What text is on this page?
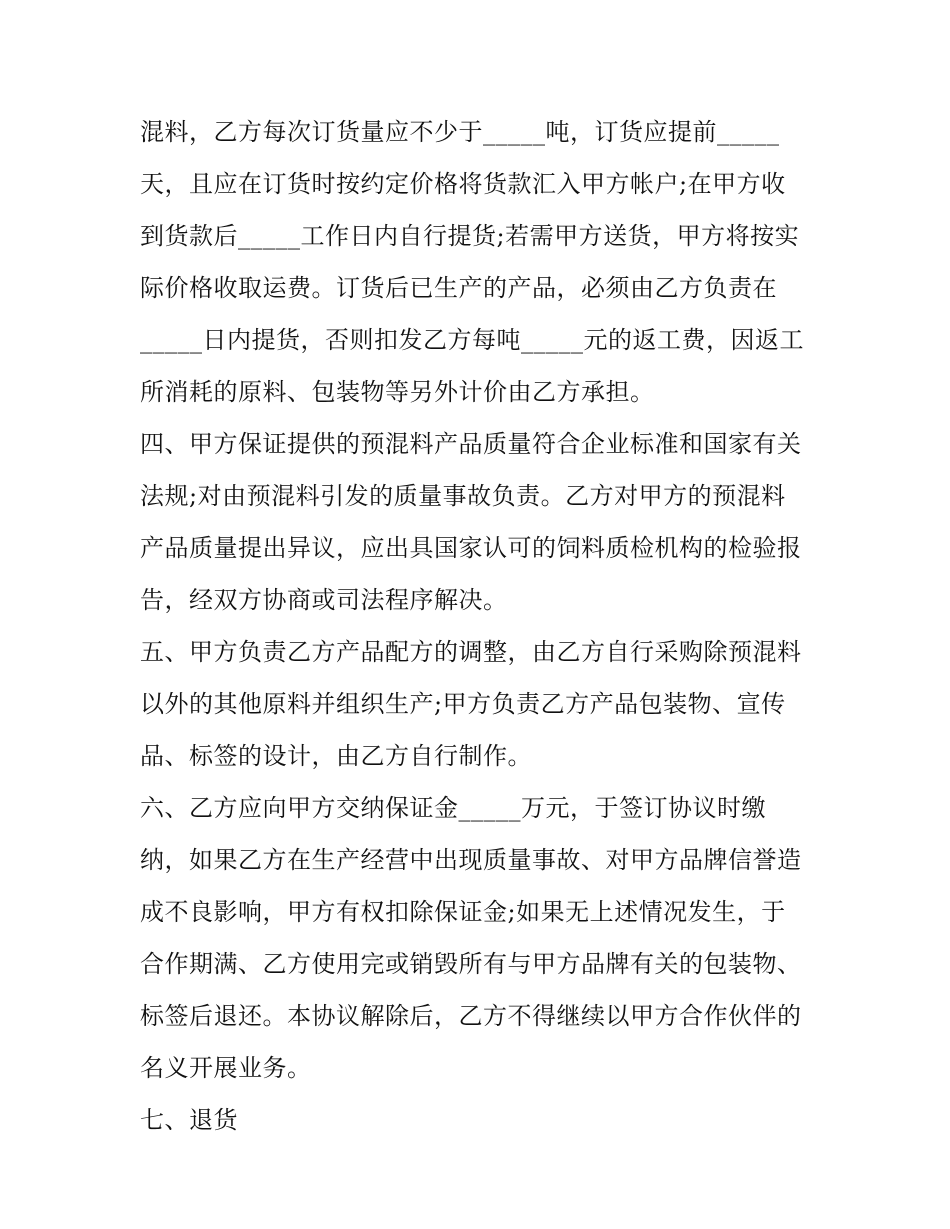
混料，乙方每次订货量应不少于_____吨，订货应提前_____
天，且应在订货时按约定价格将货款汇入甲方帐户;在甲方收
到货款后_____工作日内自行提货;若需甲方送货，甲方将按实
际价格收取运费。订货后已生产的产品，必须由乙方负责在
_____日内提货，否则扣发乙方每吨_____元的返工费，因返工
所消耗的原料、包装物等另外计价由乙方承担。
四、甲方保证提供的预混料产品质量符合企业标准和国家有关
法规;对由预混料引发的质量事故负责。乙方对甲方的预混料
产品质量提出异议，应出具国家认可的饲料质检机构的检验报
告，经双方协商或司法程序解决。
五、甲方负责乙方产品配方的调整，由乙方自行采购除预混料
以外的其他原料并组织生产;甲方负责乙方产品包装物、宣传
品、标签的设计，由乙方自行制作。
六、乙方应向甲方交纳保证金_____万元，于签订协议时缴
纳，如果乙方在生产经营中出现质量事故、对甲方品牌信誉造
成不良影响，甲方有权扣除保证金;如果无上述情况发生，于
合作期满、乙方使用完或销毁所有与甲方品牌有关的包装物、
标签后退还。本协议解除后，乙方不得继续以甲方合作伙伴的
名义开展业务。
七、退货
